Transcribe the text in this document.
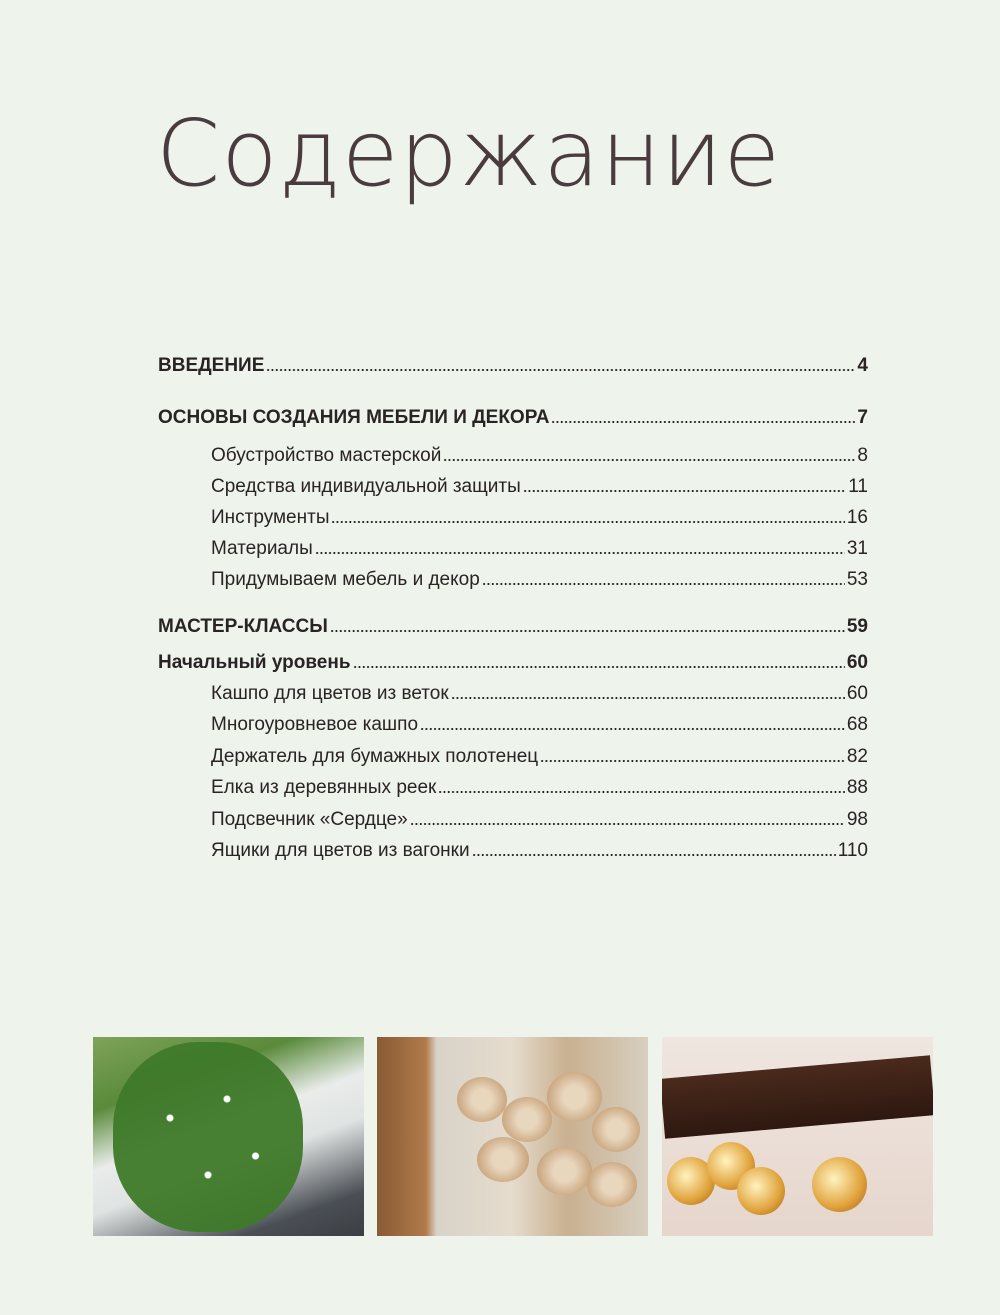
Содержание
ВВЕДЕНИЕ	4
ОСНОВЫ СОЗДАНИЯ МЕБЕЛИ И ДЕКОРА	7
Обустройство мастерской	8
Средства индивидуальной защиты	11
Инструменты	16
Материалы	31
Придумываем мебель и декор	53
МАСТЕР-КЛАССЫ	59
Начальный уровень	60
Кашпо для цветов из веток	60
Многоуровневое кашпо	68
Держатель для бумажных полотенец	82
Елка из деревянных реек	88
Подсвечник «Сердце»	98
Ящики для цветов из вагонки	110
